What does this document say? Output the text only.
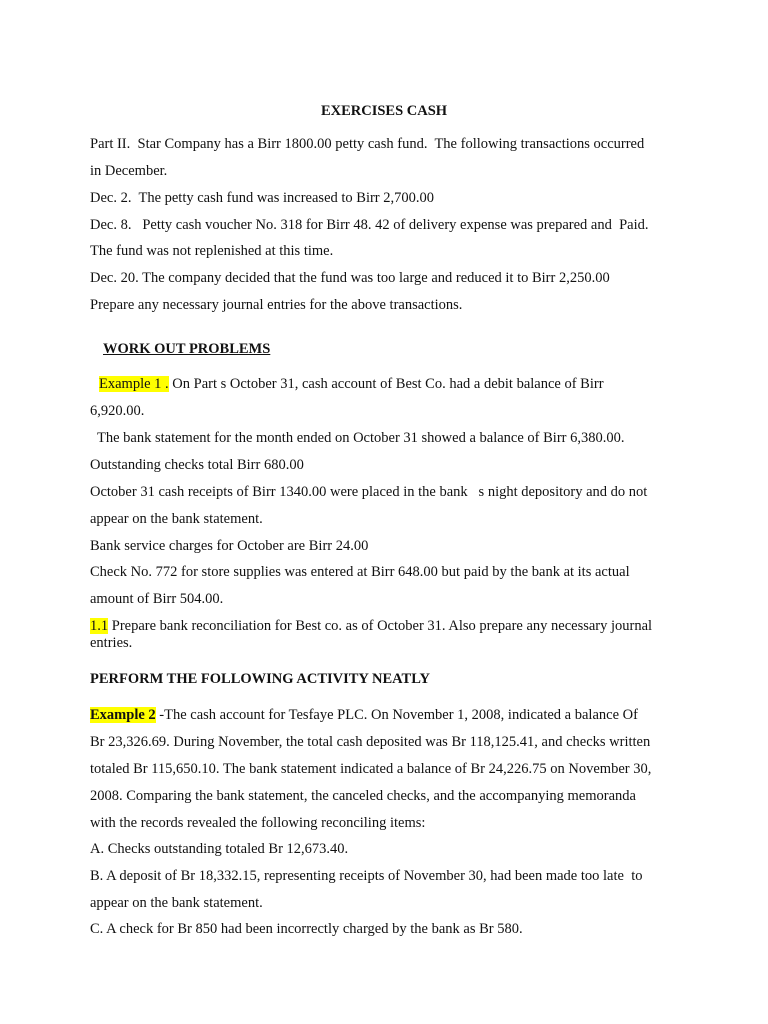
EXERCISES CASH
Part II.  Star Company has a Birr 1800.00 petty cash fund.  The following transactions occurred
in December.
Dec. 2.  The petty cash fund was increased to Birr 2,700.00
Dec. 8.   Petty cash voucher No. 318 for Birr 48. 42 of delivery expense was prepared and  Paid.
The fund was not replenished at this time.
Dec. 20. The company decided that the fund was too large and reduced it to Birr 2,250.00
Prepare any necessary journal entries for the above transactions.
WORK OUT PROBLEMS
Example 1 . On Part s October 31, cash account of Best Co. had a debit balance of Birr
6,920.00.
The bank statement for the month ended on October 31 showed a balance of Birr 6,380.00.
Outstanding checks total Birr 680.00
October 31 cash receipts of Birr 1340.00 were placed in the bank   s night depository and do not
appear on the bank statement.
Bank service charges for October are Birr 24.00
Check No. 772 for store supplies was entered at Birr 648.00 but paid by the bank at its actual
amount of Birr 504.00.
1.1 Prepare bank reconciliation for Best co. as of October 31. Also prepare any necessary journal
entries.
PERFORM THE FOLLOWING ACTIVITY NEATLY
Example 2 -The cash account for Tesfaye PLC. On November 1, 2008, indicated a balance Of
Br 23,326.69. During November, the total cash deposited was Br 118,125.41, and checks written
totaled Br 115,650.10. The bank statement indicated a balance of Br 24,226.75 on November 30,
2008. Comparing the bank statement, the canceled checks, and the accompanying memoranda
with the records revealed the following reconciling items:
A. Checks outstanding totaled Br 12,673.40.
B. A deposit of Br 18,332.15, representing receipts of November 30, had been made too late  to
appear on the bank statement.
C. A check for Br 850 had been incorrectly charged by the bank as Br 580.
